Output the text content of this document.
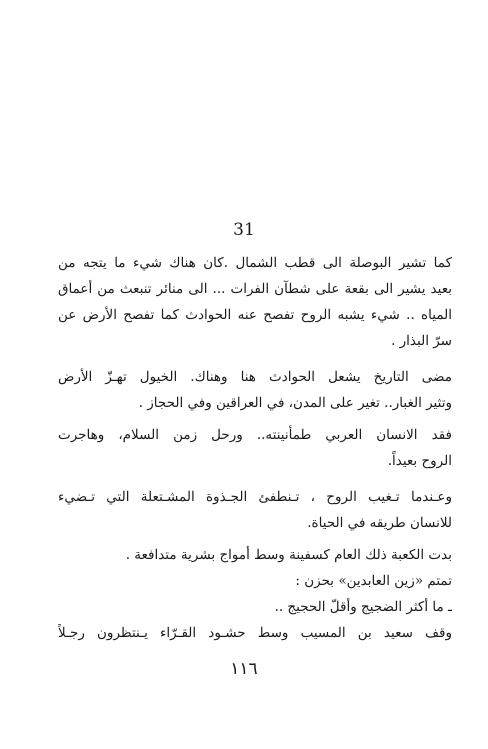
31
كما تشير البوصلة الى قطب الشمال .كان هناك شيء ما يتجه من
بعيد يشير الى بقعة على شطآن الفرات ... الى منائر تنبعث من أعماق
المياه .. شيء يشبه الروح تفصح عنه الحوادث كما تفصح الأرض عن
سرّ البذار .
مضى التاريخ يشعل الحوادث هنا وهناك. الخيول تهـزّ الأرض
وتثير الغبار.. تغير على المدن، في العراقين وفي الحجاز .
فقد الانسان العربي طمأنينته.. ورحل زمن السلام، وهاجرت
الروح بعيداً.
وعـندما تـغيب الروح ، تـنطفئ الجـذوة المشـتعلة التي تـضيء
للانسان طريقه في الحياة.
بدت الكعبة ذلك العام كسفينة وسط أمواج بشرية متدافعة .
تمتم «زين العابدين» بحزن :
ـ ما أكثر الضجيج وأقلّ الحجيج ..
وقف سعيد بن المسيب وسط حشـود القـرّاء يـنتظرون رجـلاً
١١٦
